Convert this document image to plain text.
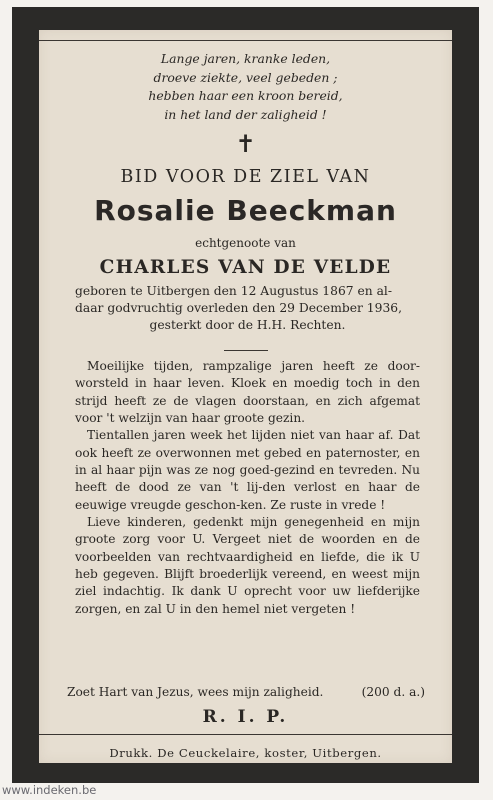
Lange jaren, kranke leden,
droeve ziekte, veel gebeden ;
hebben haar een kroon bereid,
in het land der zaligheid !
✝
BID VOOR DE ZIEL VAN
Rosalie Beeckman
echtgenoote van
CHARLES VAN DE VELDE
geboren te Uitbergen den 12 Augustus 1867 en al-
daar godvruchtig overleden den 29 December 1936,
gesterkt door de H.H. Rechten.

Moeilijke tijden, rampzalige jaren heeft ze door-worsteld in haar leven. Kloek en moedig toch in den strijd heeft ze de vlagen doorstaan, en zich afgemat voor 't welzijn van haar groote gezin.

Tientallen jaren week het lijden niet van haar af. Dat ook heeft ze overwonnen met gebed en paternoster, en in al haar pijn was ze nog goed-gezind en tevreden. Nu heeft de dood ze van 't lij-den verlost en haar de eeuwige vreugde geschon-ken. Ze ruste in vrede !

Lieve kinderen, gedenkt mijn genegenheid en mijn groote zorg voor U. Vergeet niet de woorden en de voorbeelden van rechtvaardigheid en liefde, die ik U heb gegeven. Blijft broederlijk vereend, en weest mijn ziel indachtig. Ik dank U oprecht voor uw liefderijke zorgen, en zal U in den hemel niet vergeten !

Zoet Hart van Jezus, wees mijn zaligheid.	(200 d. a.)
R. I. P.
Drukk. De Ceuckelaire, koster, Uitbergen.
www.indeken.be
